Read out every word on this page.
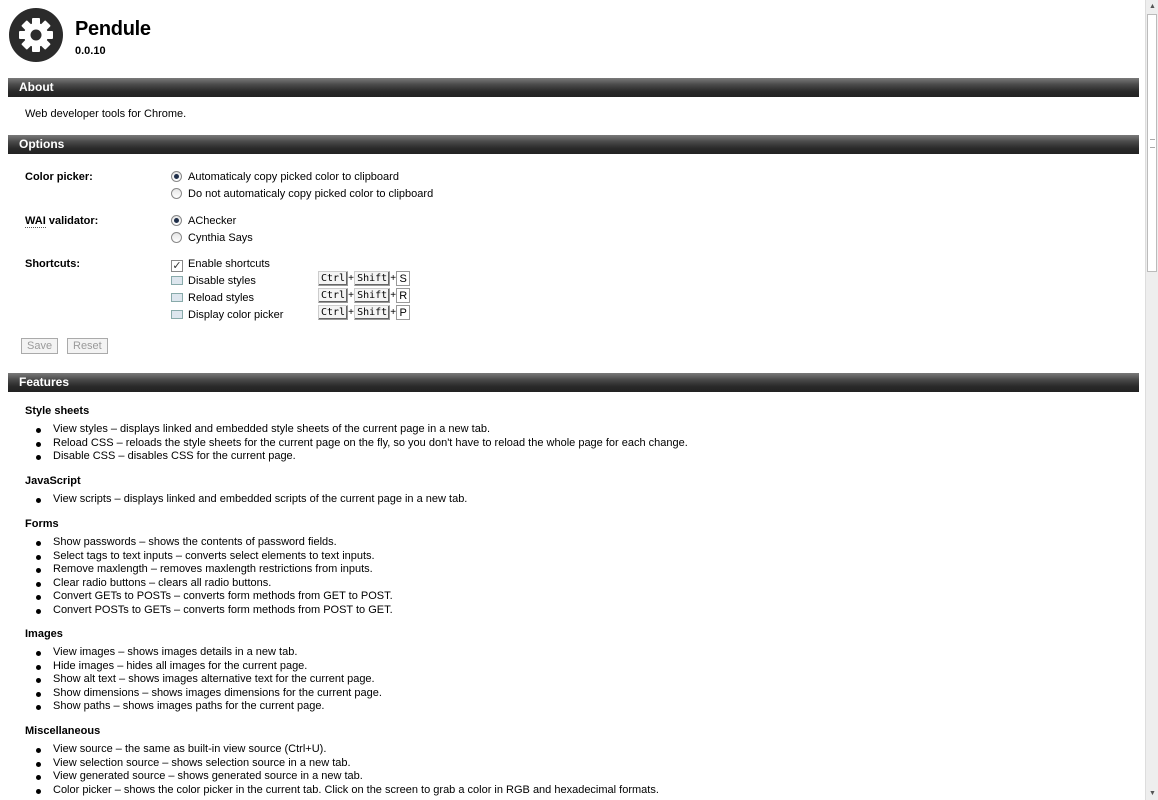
Pendule
0.0.10
About
Web developer tools for Chrome.
Options
Color picker:	Automaticaly copy picked color to clipboard
Do not automaticaly copy picked color to clipboard
WAI validator:	AChecker
Cynthia Says
Shortcuts:	✓ Enable shortcuts
Disable styles	Ctrl + Shift + S
Reload styles	Ctrl + Shift + R
Display color picker	Ctrl + Shift + P
Save	Reset
Features
Style sheets
View styles – displays linked and embedded style sheets of the current page in a new tab.
Reload CSS – reloads the style sheets for the current page on the fly, so you don't have to reload the whole page for each change.
Disable CSS – disables CSS for the current page.
JavaScript
View scripts – displays linked and embedded scripts of the current page in a new tab.
Forms
Show passwords – shows the contents of password fields.
Select tags to text inputs – converts select elements to text inputs.
Remove maxlength – removes maxlength restrictions from inputs.
Clear radio buttons – clears all radio buttons.
Convert GETs to POSTs – converts form methods from GET to POST.
Convert POSTs to GETs – converts form methods from POST to GET.
Images
View images – shows images details in a new tab.
Hide images – hides all images for the current page.
Show alt text – shows images alternative text for the current page.
Show dimensions – shows images dimensions for the current page.
Show paths – shows images paths for the current page.
Miscellaneous
View source – the same as built-in view source (Ctrl+U).
View selection source – shows selection source in a new tab.
View generated source – shows generated source in a new tab.
Color picker – shows the color picker in the current tab. Click on the screen to grab a color in RGB and hexadecimal formats.
▲
▼
